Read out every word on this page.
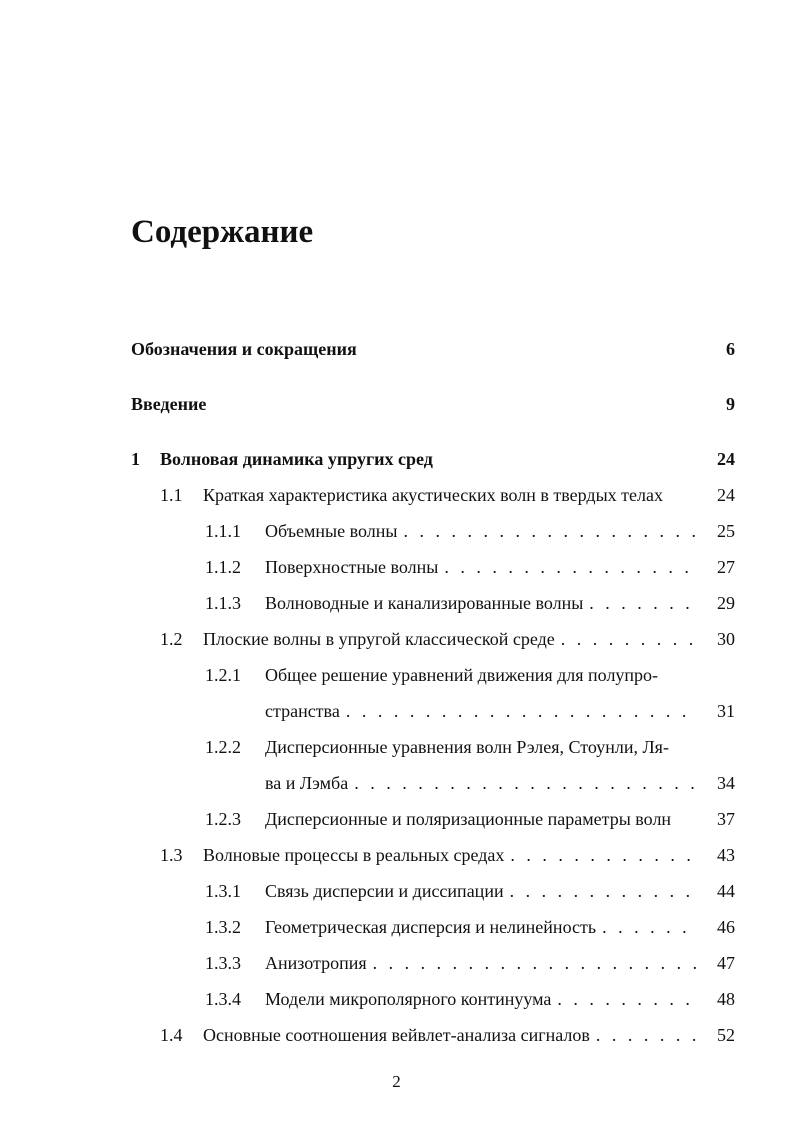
Содержание
Обозначения и сокращения	6
Введение	9
1 Волновая динамика упругих сред	24
1.1 Краткая характеристика акустических волн в твердых телах	24
1.1.1 Объемные волны . . .	25
1.1.2 Поверхностные волны . . .	27
1.1.3 Волноводные и канализированные волны . . .	29
1.2 Плоские волны в упругой классической среде . . .	30
1.2.1 Общее решение уравнений движения для полупро-
странства . . .	31
1.2.2 Дисперсионные уравнения волн Рэлея, Стоунли, Ля-
ва и Лэмба . . .	34
1.2.3 Дисперсионные и поляризационные параметры волн	37
1.3 Волновые процессы в реальных средах . . .	43
1.3.1 Связь дисперсии и диссипации . . .	44
1.3.2 Геометрическая дисперсия и нелинейность . . .	46
1.3.3 Анизотропия . . .	47
1.3.4 Модели микрополярного континуума . . .	48
1.4 Основные соотношения вейвлет-анализа сигналов . . .	52
2
